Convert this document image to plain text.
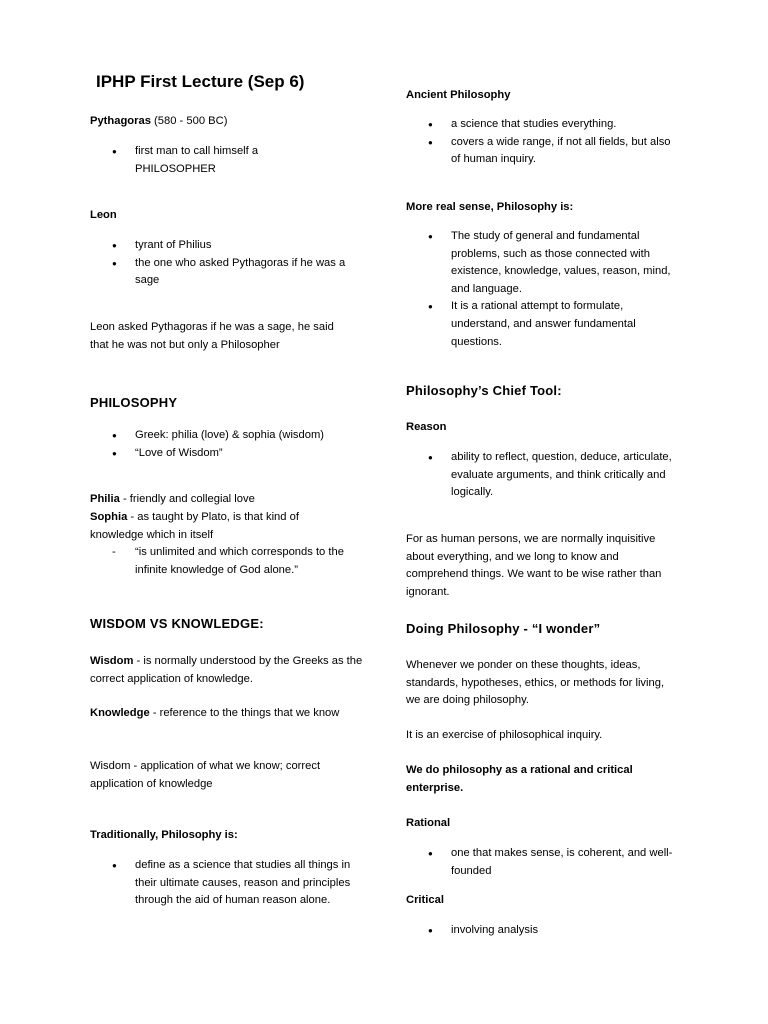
IPHP First Lecture (Sep 6)

Pythagoras (580 - 500 BC)

● first man to call himself a PHILOSOPHER

Leon

● tyrant of Philius
● the one who asked Pythagoras if he was a sage

Leon asked Pythagoras if he was a sage, he said that he was not but only a Philosopher

PHILOSOPHY
● Greek: philia (love) & sophia (wisdom)
● “Love of Wisdom”

Philia - friendly and collegial love

Sophia - as taught by Plato, is that kind of knowledge which in itself

- “is unlimited and which corresponds to the infinite knowledge of God alone.”
WISDOM VS KNOWLEDGE:

Wisdom - is normally understood by the Greeks as the correct application of knowledge.

Knowledge - reference to the things that we know

Wisdom - application of what we know; correct application of knowledge

Traditionally, Philosophy is:

● define as a science that studies all things in their ultimate causes, reason and principles through the aid of human reason alone.

Ancient Philosophy

● a science that studies everything.
● covers a wide range, if not all fields, but also of human inquiry.

More real sense, Philosophy is:

● The study of general and fundamental problems, such as those connected with existence, knowledge, values, reason, mind, and language.
● It is a rational attempt to formulate, understand, and answer fundamental questions.
Philosophy’s Chief Tool:

Reason

● ability to reflect, question, deduce, articulate, evaluate arguments, and think critically and logically.

For as human persons, we are normally inquisitive about everything, and we long to know and comprehend things. We want to be wise rather than ignorant.

Doing Philosophy - “I wonder”

Whenever we ponder on these thoughts, ideas, standards, hypotheses, ethics, or methods for living, we are doing philosophy.

It is an exercise of philosophical inquiry.

We do philosophy as a rational and critical enterprise.

Rational

● one that makes sense, is coherent, and well-founded

Critical

● involving analysis
